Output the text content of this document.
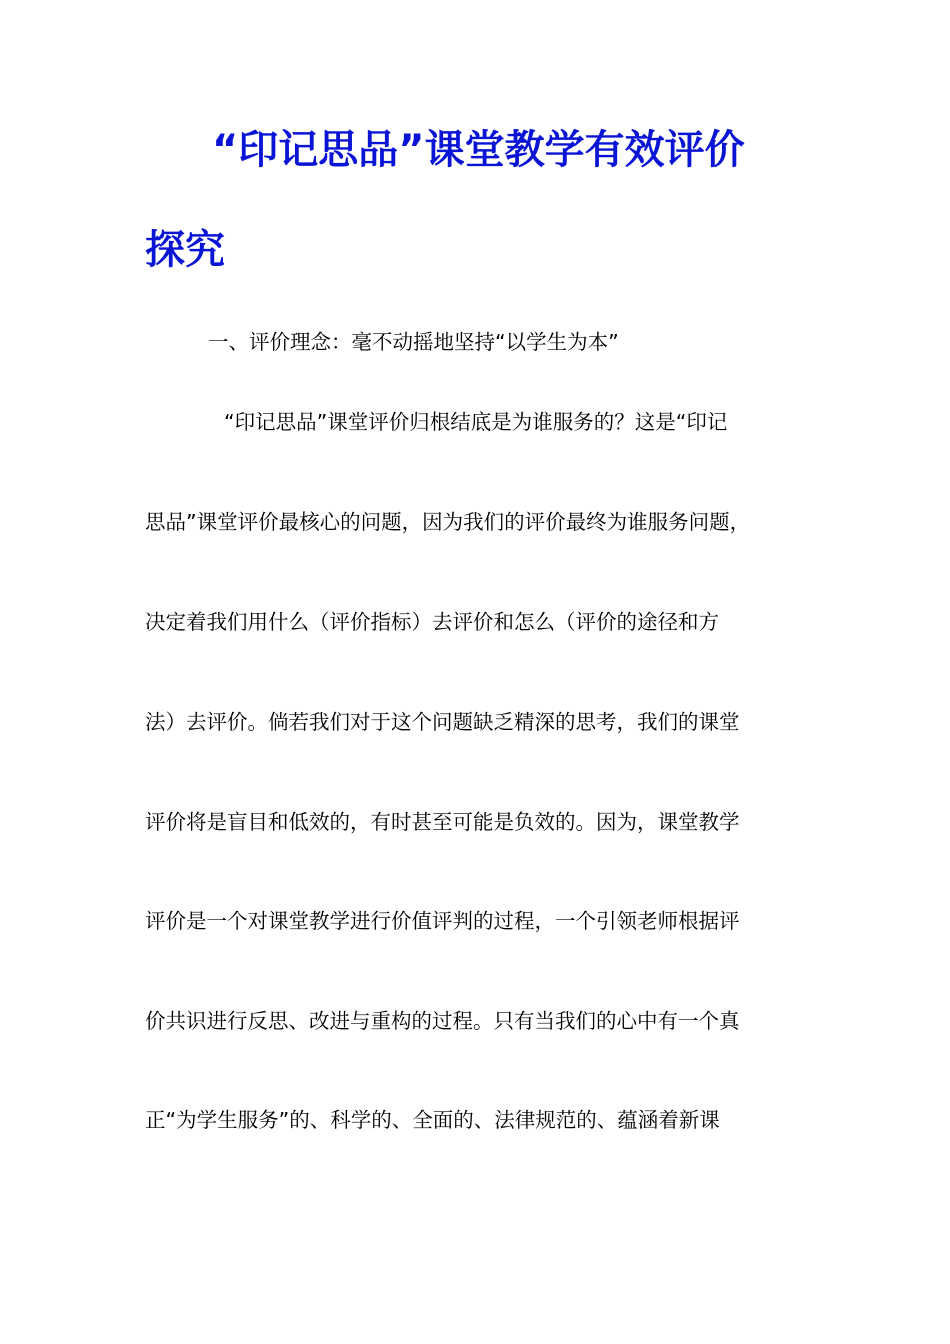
“印记思品”课堂教学有效评价
探究
一、评价理念：毫不动摇地坚持“以学生为本”
“印记思品”课堂评价归根结底是为谁服务的？这是“印记
思品”课堂评价最核心的问题，因为我们的评价最终为谁服务问题，
决定着我们用什么（评价指标）去评价和怎么（评价的途径和方
法）去评价。倘若我们对于这个问题缺乏精深的思考，我们的课堂
评价将是盲目和低效的，有时甚至可能是负效的。因为，课堂教学
评价是一个对课堂教学进行价值评判的过程，一个引领老师根据评
价共识进行反思、改进与重构的过程。只有当我们的心中有一个真
正“为学生服务”的、科学的、全面的、法律规范的、蕴涵着新课
